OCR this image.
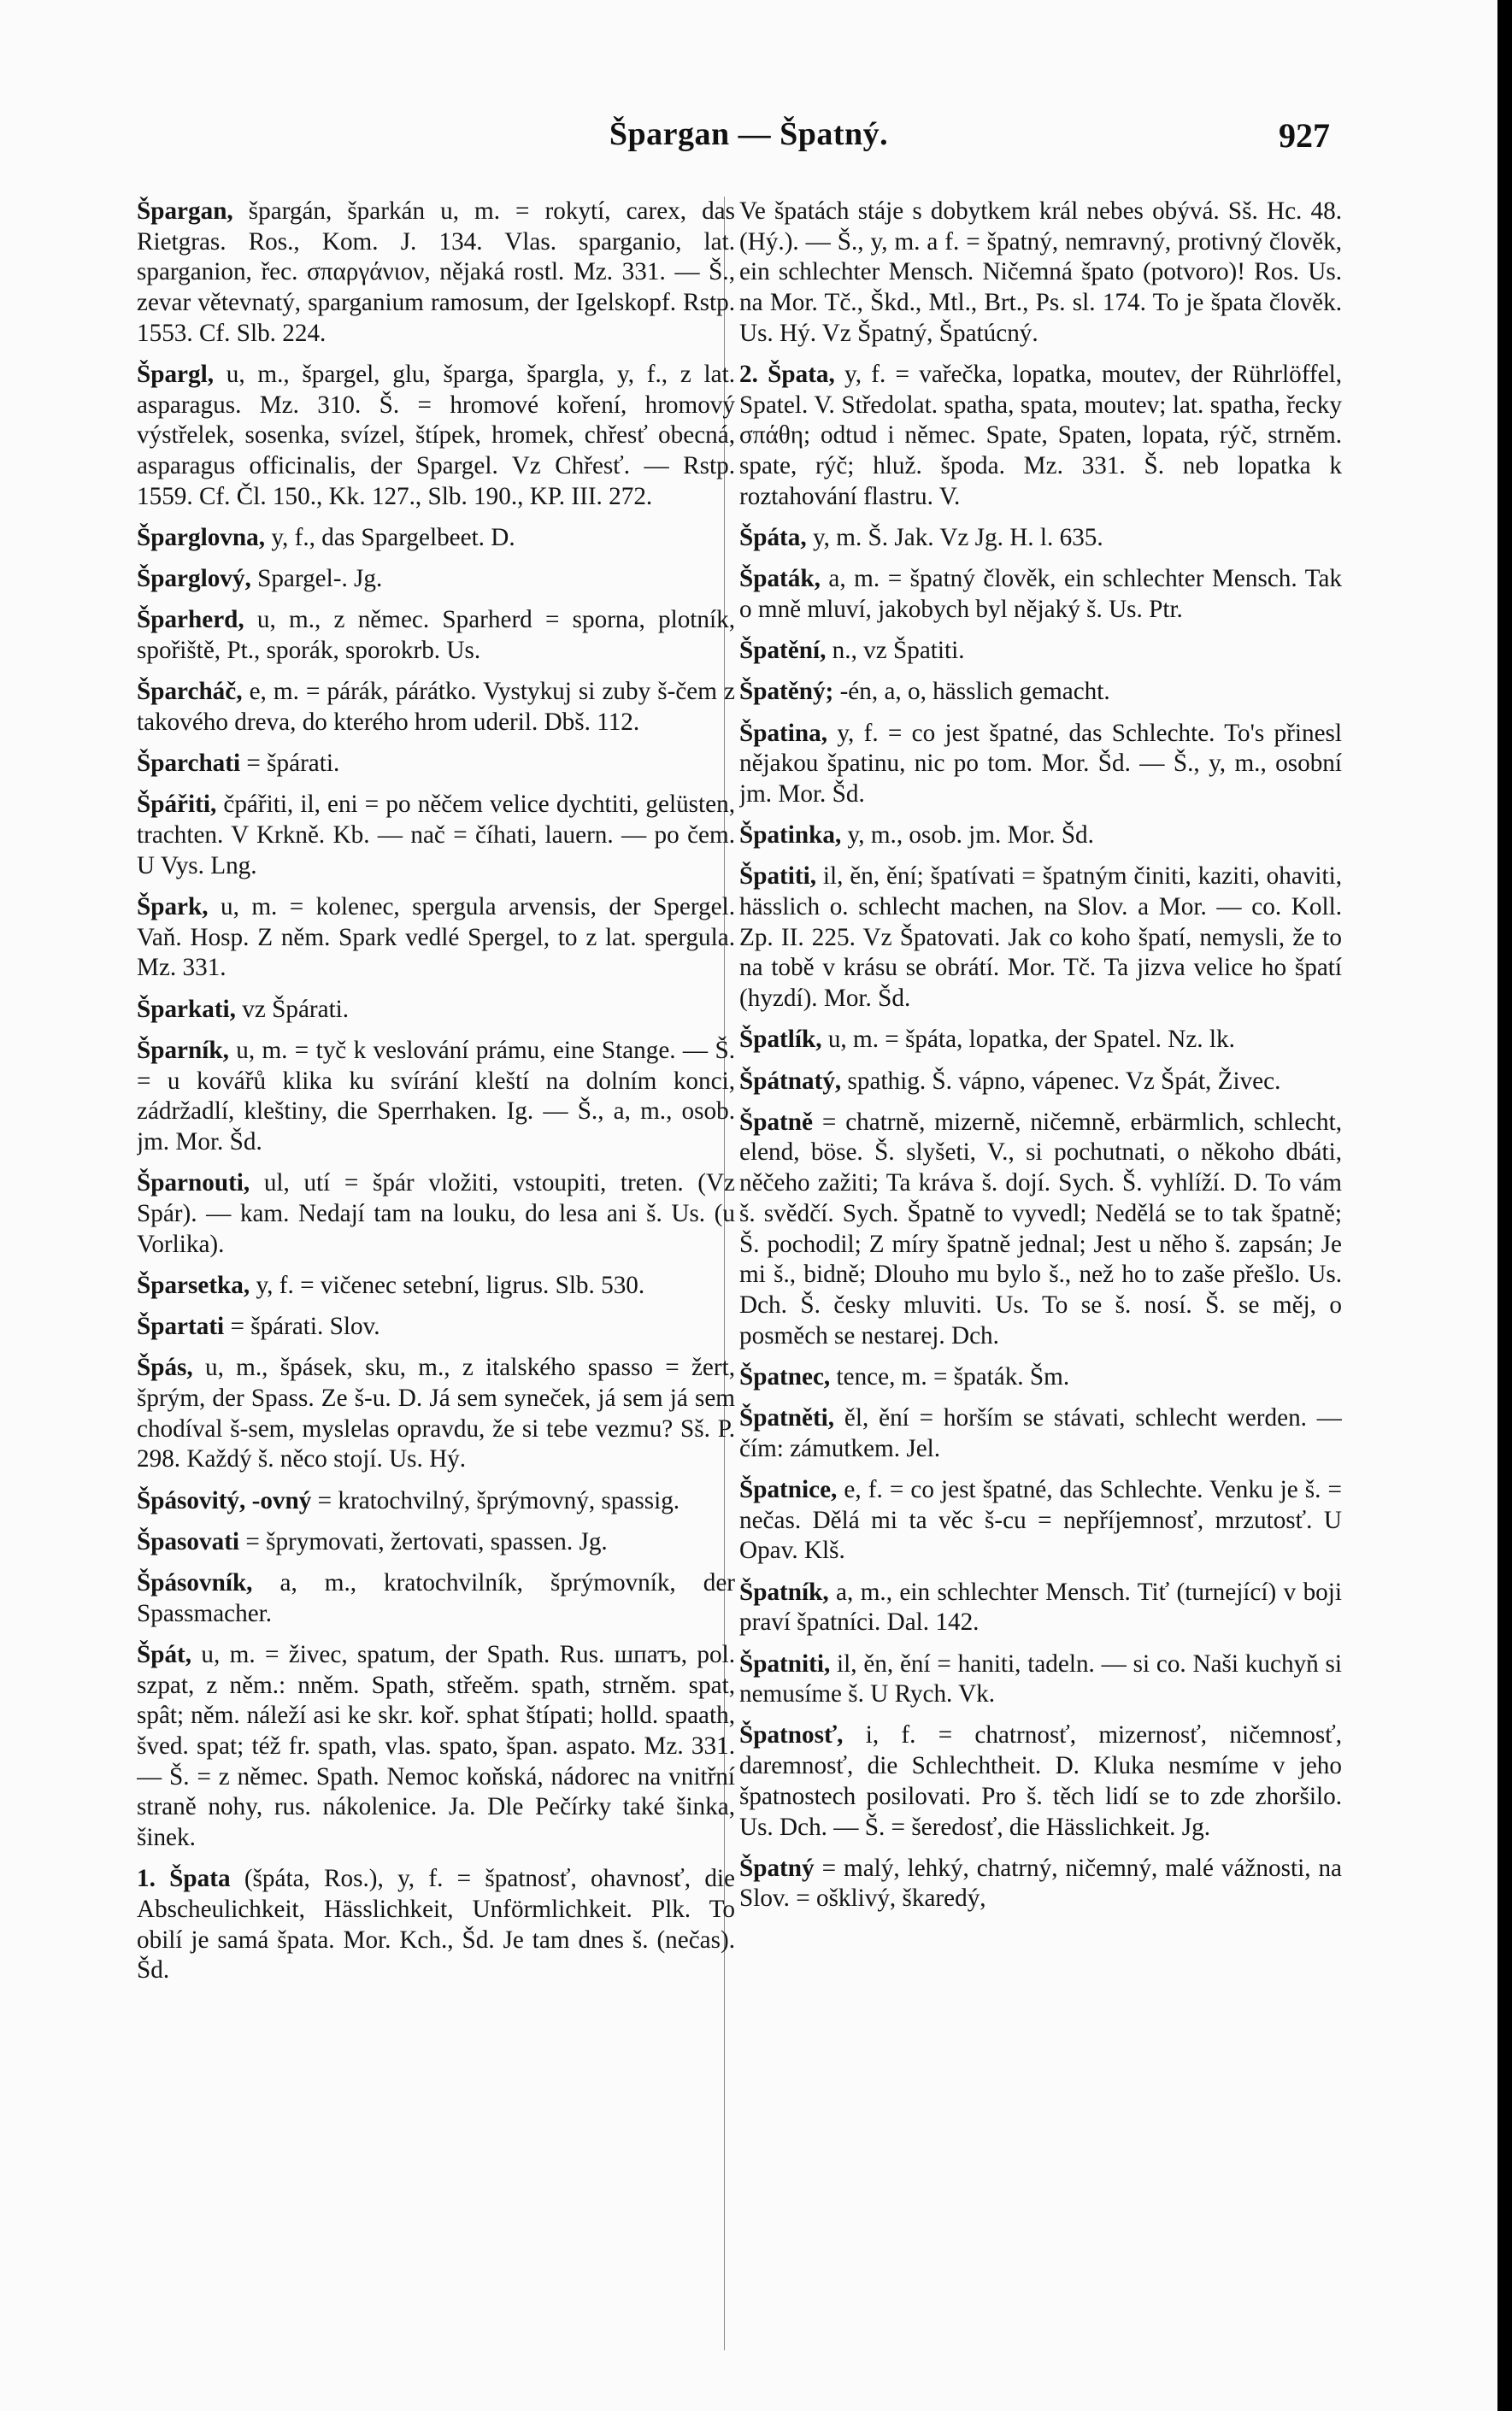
Špargan — Špatný.	927

Špargan, špargán, šparkán u, m. = rokytí, carex, das Rietgras. Ros., Kom. J. 134. Vlas. sparganio, lat. sparganion, řec. σπαργάνιον, nějaká rostl. Mz. 331. — Š., zevar větevnatý, sparganium ramosum, der Igelskopf. Rstp. 1553. Cf. Slb. 224.

Špargl, u, m., špargel, glu, šparga, špargla, y, f., z lat. asparagus. Mz. 310. Š. = hromové koření, hromový výstřelek, sosenka, svízel, štípek, hromek, chřesť obecná, asparagus officinalis, der Spargel. Vz Chřesť. — Rstp. 1559. Cf. Čl. 150., Kk. 127., Slb. 190., KP. III. 272.

Šparglovna, y, f., das Spargelbeet. D.

Šparglový, Spargel-. Jg.

Šparherd, u, m., z němec. Sparherd = sporna, plotník, spořiště, Pt., sporák, sporokrb. Us.

Šparcháč, e, m. = párák, párátko. Vystykuj si zuby š-čem z takového dreva, do kterého hrom uderil. Dbš. 112.

Šparchati = špárati.

Špářiti, čpářiti, il, eni = po něčem velice dychtiti, gelüsten, trachten. V Krkně. Kb. — nač = číhati, lauern. — po čem. U Vys. Lng.

Špark, u, m. = kolenec, spergula arvensis, der Spergel. Vaň. Hosp. Z něm. Spark vedlé Spergel, to z lat. spergula. Mz. 331.

Šparkati, vz Špárati.

Šparník, u, m. = tyč k veslování prámu, eine Stange. — Š. = u kovářů klika ku svírání kleští na dolním konci, zádržadlí, kleštiny, die Sperrhaken. Ig. — Š., a, m., osob. jm. Mor. Šd.

Šparnouti, ul, utí = špár vložiti, vstoupiti, treten. (Vz Spár). — kam. Nedají tam na louku, do lesa ani š. Us. (u Vorlika).

Šparsetka, y, f. = vičenec setební, ligrus. Slb. 530.

Špartati = špárati. Slov.

Špás, u, m., špásek, sku, m., z italského spasso = žert, šprým, der Spass. Ze š-u. D. Já sem syneček, já sem já sem chodíval š-sem, myslelas opravdu, že si tebe vezmu? Sš. P. 298. Každý š. něco stojí. Us. Hý.

Špásovitý, -ovný = kratochvilný, šprýmovný, spassig.

Špasovati = šprymovati, žertovati, spassen. Jg.

Špásovník, a, m., kratochvilník, šprýmovník, der Spassmacher.

Špát, u, m. = živec, spatum, der Spath. Rus. шпатъ, pol. szpat, z něm.: nněm. Spath, střeěm. spath, strněm. spat, spât; něm. náleží asi ke skr. koř. sphat štípati; holld. spaath, šved. spat; též fr. spath, vlas. spato, špan. aspato. Mz. 331. — Š. = z němec. Spath. Nemoc koňská, nádorec na vnitřní straně nohy, rus. nákolenice. Ja. Dle Pečírky také šinka, šinek.

1. Špata (špáta, Ros.), y, f. = špatnosť, ohavnosť, die Abscheulichkeit, Hässlichkeit, Unförmlichkeit. Plk. To obilí je samá špata. Mor. Kch., Šd. Je tam dnes š. (nečas). Šd.

Ve špatách stáje s dobytkem král nebes obývá. Sš. Hc. 48. (Hý.). — Š., y, m. a f. = špatný, nemravný, protivný člověk, ein schlechter Mensch. Ničemná špato (potvoro)! Ros. Us. na Mor. Tč., Škd., Mtl., Brt., Ps. sl. 174. To je špata člověk. Us. Hý. Vz Špatný, Špatúcný.

2. Špata, y, f. = vařečka, lopatka, moutev, der Rührlöffel, Spatel. V. Středolat. spatha, spata, moutev; lat. spatha, řecky σπάθη; odtud i němec. Spate, Spaten, lopata, rýč, strněm. spate, rýč; hluž. špoda. Mz. 331. Š. neb lopatka k roztahování flastru. V.

Špáta, y, m. Š. Jak. Vz Jg. H. l. 635.

Špaták, a, m. = špatný člověk, ein schlechter Mensch. Tak o mně mluví, jakobych byl nějaký š. Us. Ptr.

Špatění, n., vz Špatiti.

Špatěný; -én, a, o, hässlich gemacht.

Špatina, y, f. = co jest špatné, das Schlechte. To's přinesl nějakou špatinu, nic po tom. Mor. Šd. — Š., y, m., osobní jm. Mor. Šd.

Špatinka, y, m., osob. jm. Mor. Šd.

Špatiti, il, ěn, ění; špatívati = špatným činiti, kaziti, ohaviti, hässlich o. schlecht machen, na Slov. a Mor. — co. Koll. Zp. II. 225. Vz Špatovati. Jak co koho špatí, nemysli, že to na tobě v krásu se obrátí. Mor. Tč. Ta jizva velice ho špatí (hyzdí). Mor. Šd.

Špatlík, u, m. = špáta, lopatka, der Spatel. Nz. lk.

Špátnatý, spathig. Š. vápno, vápenec. Vz Špát, Živec.

Špatně = chatrně, mizerně, ničemně, erbärmlich, schlecht, elend, böse. Š. slyšeti, V., si pochutnati, o někoho dbáti, něčeho zažiti; Ta kráva š. dojí. Sych. Š. vyhlíží. D. To vám š. svědčí. Sych. Špatně to vyvedl; Nedělá se to tak špatně; Š. pochodil; Z míry špatně jednal; Jest u něho š. zapsán; Je mi š., bidně; Dlouho mu bylo š., než ho to zaše přešlo. Us. Dch. Š. česky mluviti. Us. To se š. nosí. Š. se měj, o posměch se nestarej. Dch.

Špatnec, tence, m. = špaták. Šm.

Špatněti, ěl, ění = horším se stávati, schlecht werden. — čím: zámutkem. Jel.

Špatnice, e, f. = co jest špatné, das Schlechte. Venku je š. = nečas. Dělá mi ta věc š-cu = nepříjemnosť, mrzutosť. U Opav. Klš.

Špatník, a, m., ein schlechter Mensch. Tiť (turnející) v boji praví špatníci. Dal. 142.

Špatniti, il, ěn, ění = haniti, tadeln. — si co. Naši kuchyň si nemusíme š. U Rych. Vk.

Špatnosť, i, f. = chatrnosť, mizernosť, ničemnosť, daremnosť, die Schlechtheit. D. Kluka nesmíme v jeho špatnostech posilovati. Pro š. těch lidí se to zde zhoršilo. Us. Dch. — Š. = šeredosť, die Hässlichkeit. Jg.

Špatný = malý, lehký, chatrný, ničemný, malé vážnosti, na Slov. = ošklivý, škaredý,
